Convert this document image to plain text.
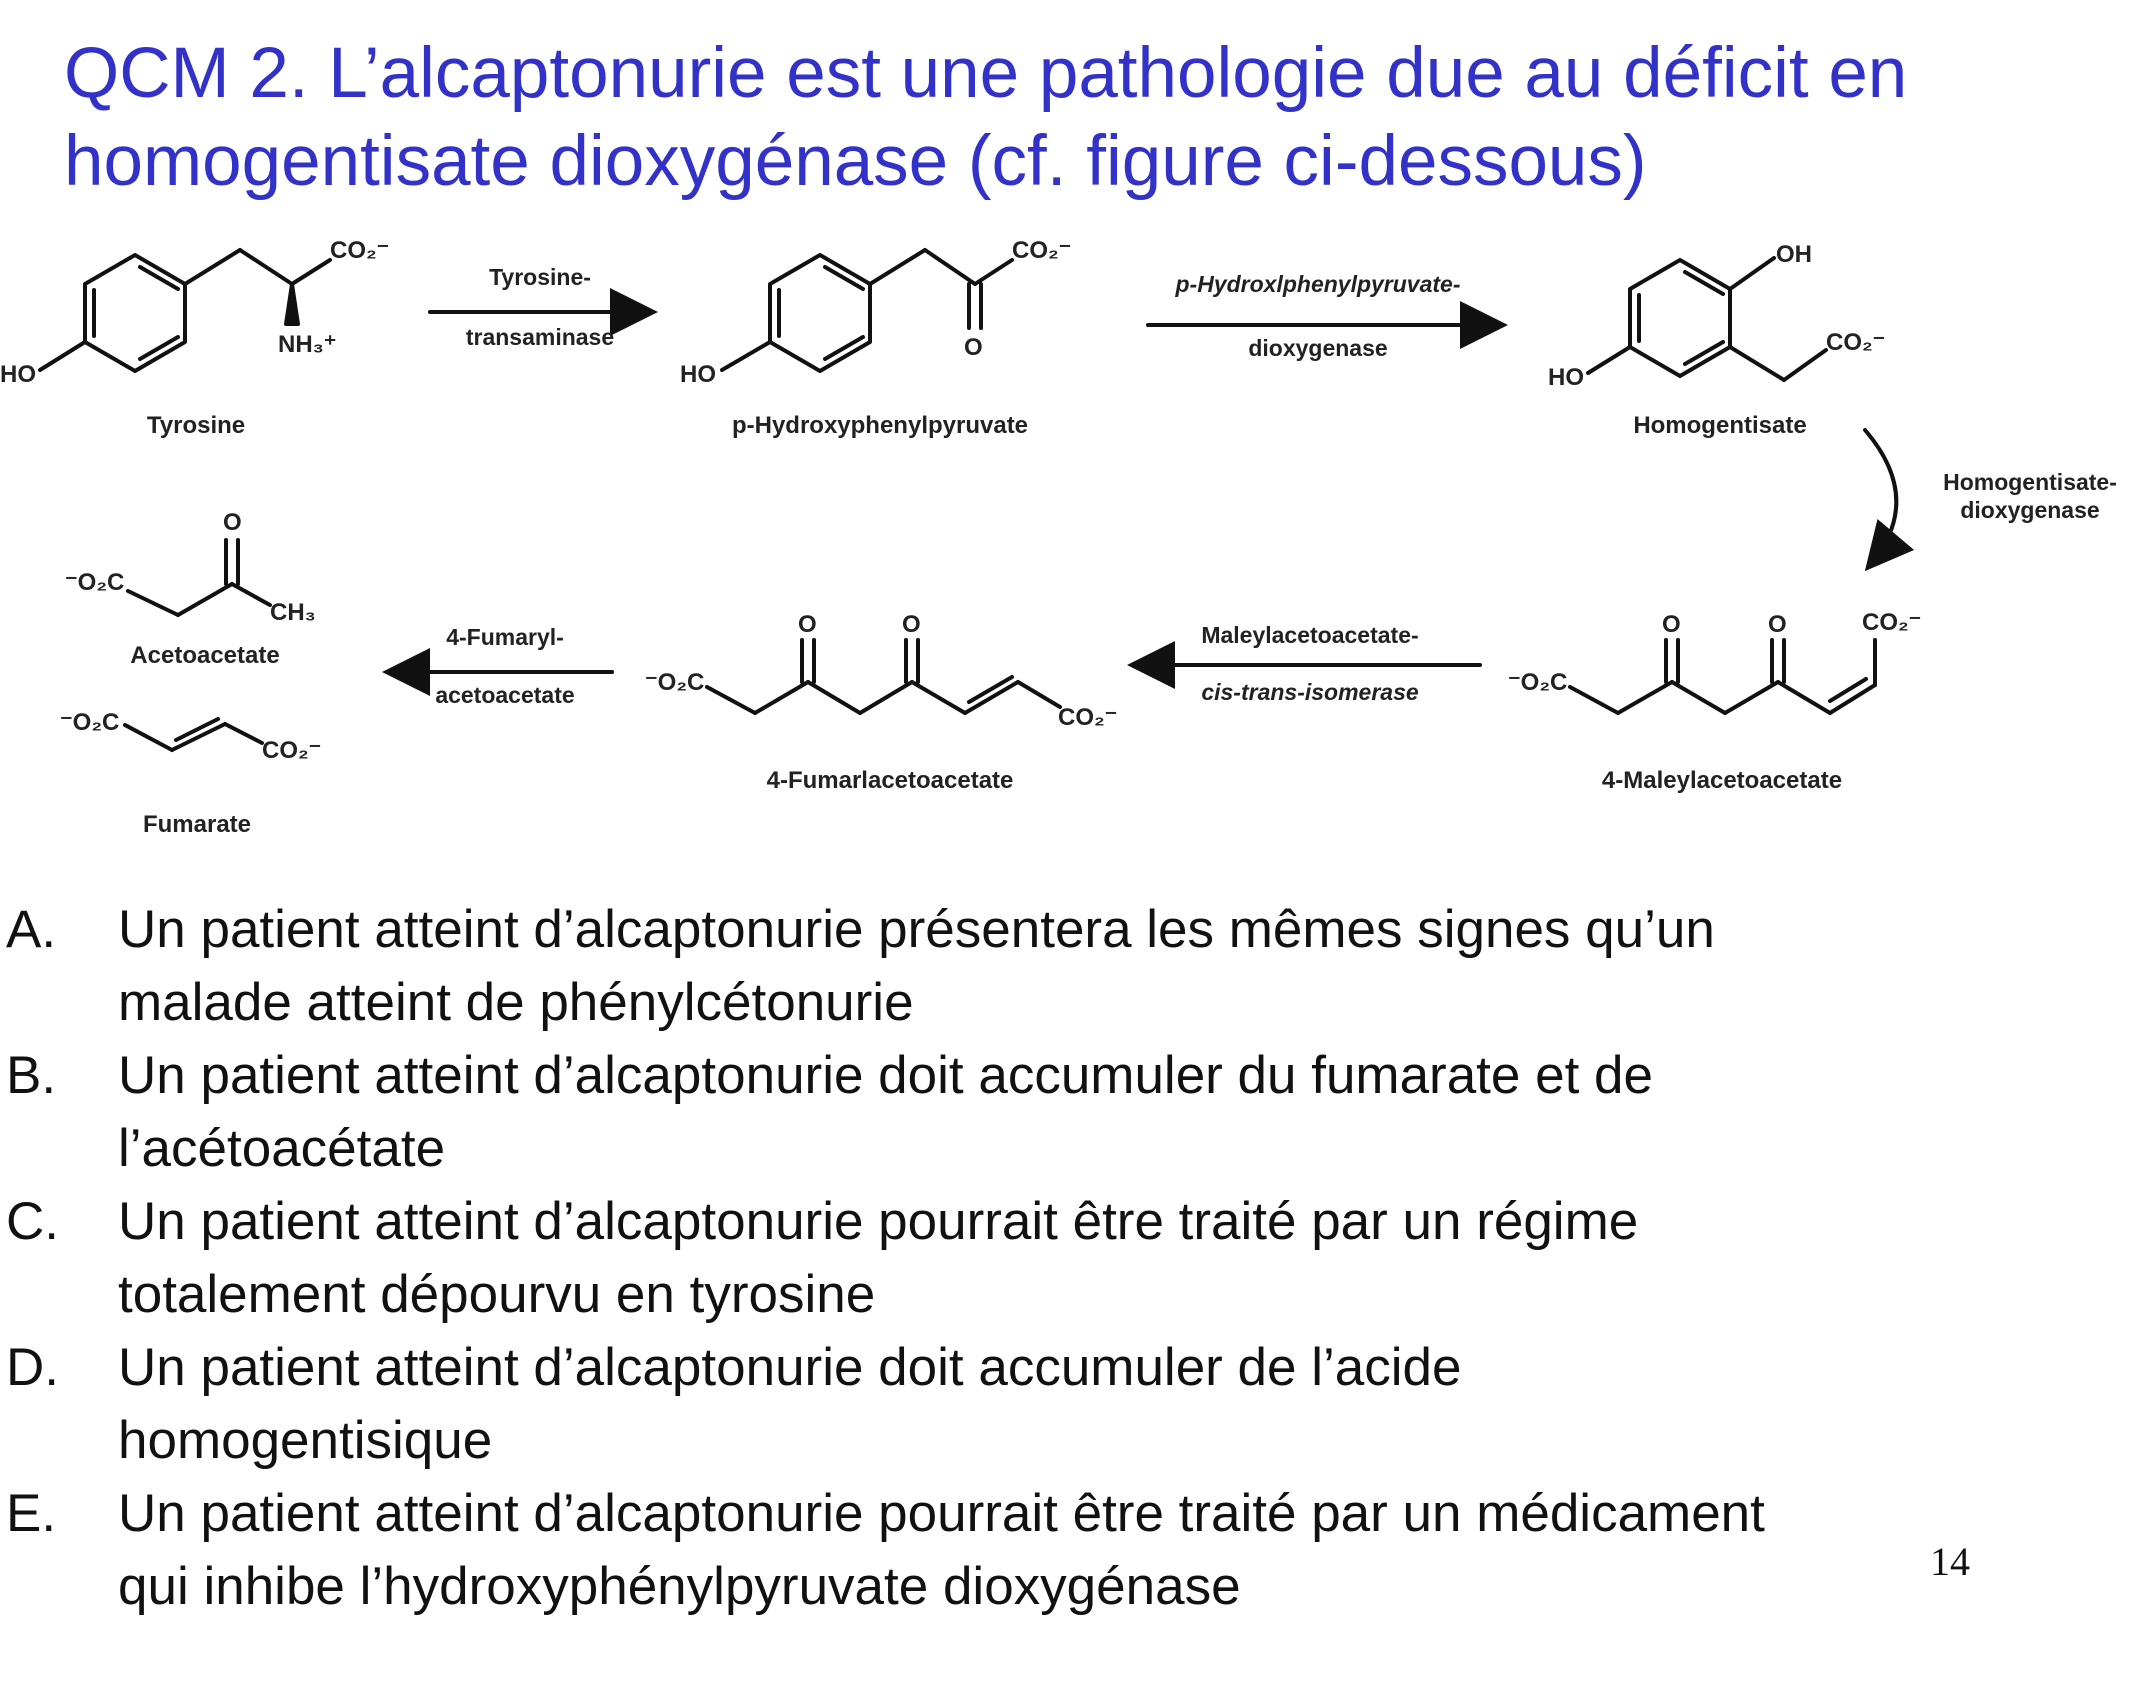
QCM 2. L’alcaptonurie est une pathologie due au déficit en
homogentisate dioxygénase (cf. figure ci-dessous)
HO
CO₂⁻
NH₃⁺
HO
CO₂⁻
O
HO
OH
CO₂⁻
⁻O₂C
O
CH₃
⁻O₂C
CO₂⁻
⁻O₂C
O	O
CO₂⁻
⁻O₂C
O	O	CO₂⁻
Tyrosine	p-Hydroxyphenylpyruvate	Homogentisate
4-Maleylacetoacetate
4-Fumarlacetoacetate
Acetoacetate
Fumarate
Tyrosine-
transaminase
p-Hydroxlphenylpyruvate-
dioxygenase
Homogentisate-
dioxygenase
Maleylacetoacetate-
cis-trans-isomerase
4-Fumaryl-
acetoacetate
A. Un patient atteint d’alcaptonurie présentera les mêmes signes qu’un
malade atteint de phénylcétonurie
B. Un patient atteint d’alcaptonurie doit accumuler du fumarate et de
l’acétoacétate
C. Un patient atteint d’alcaptonurie pourrait être traité par un régime
totalement dépourvu en tyrosine
D. Un patient atteint d’alcaptonurie doit accumuler de l’acide
homogentisique
E. Un patient atteint d’alcaptonurie pourrait être traité par un médicament
qui inhibe l’hydroxyphénylpyruvate dioxygénase	14
